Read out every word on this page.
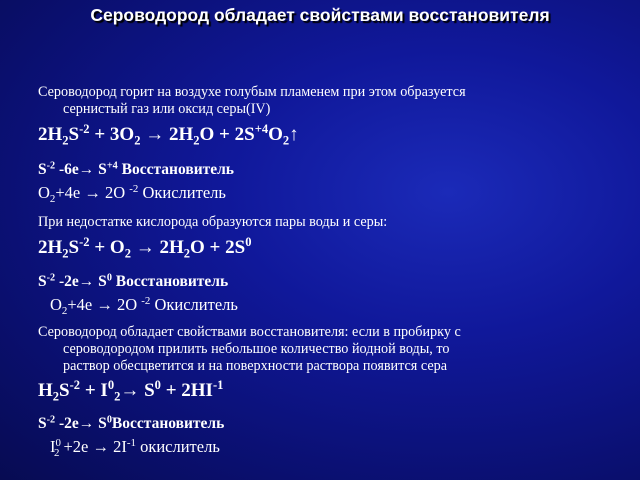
Сероводород обладает свойствами восстановителя
Сероводород горит на воздухе голубым пламенем при этом образуется
сернистый газ или оксид серы(IV)
$2H_2S^{-2} + 3O_2 \to 2H_2O$ + $2S^{+4}O_2↑$
$S^{-2}$ $-6e\to S^{+4}$ Восстановитель
$O_2+4e \to 2O$ $^{-2}$ Окислитель
При недостатке кислорода образуются пары воды и серы:
$2H_2S^{-2} + O_2 \to 2H_2O + 2S^0$
$S^{-2}$ $-2e\to S^0$ Восстановитель
$O_2+4e \to 2O$ $^{-2}$ Окислитель
Сероводород обладает свойствами восстановителя: если в пробирку с
сероводородом прилить небольшое количество йодной воды, то
раствор обесцветится и на поверхности раствора появится сера
$H_2S^{-2} + I^0_2\to S^0 + 2HI^{-1}$
$S^{-2}$ $-2e\to S^0Восстановитель$
$I^0_2 +2e \to 2I^{-1}$ окислитель
